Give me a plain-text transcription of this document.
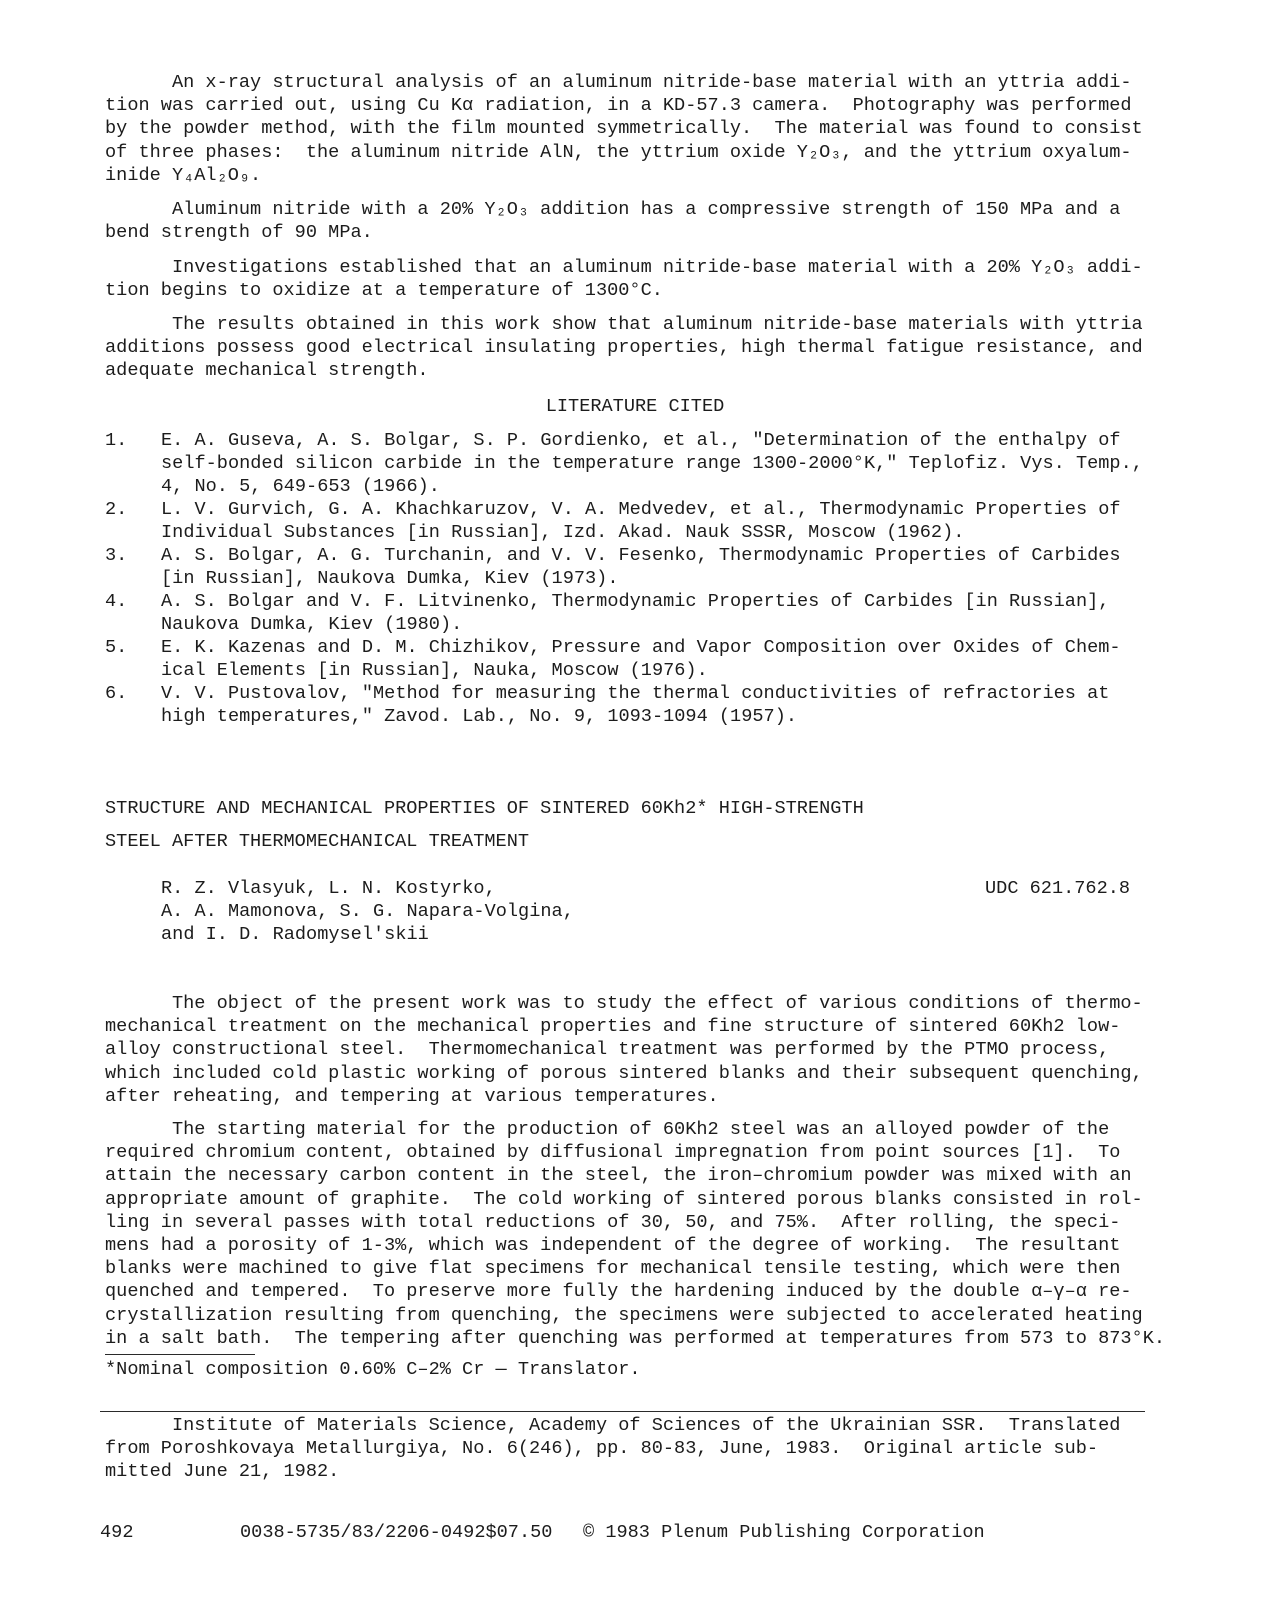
An x-ray structural analysis of an aluminum nitride-base material with an yttria addi-
tion was carried out, using Cu Kα radiation, in a KD-57.3 camera.  Photography was performed
by the powder method, with the film mounted symmetrically.  The material was found to consist
of three phases:  the aluminum nitride AlN, the yttrium oxide Y₂O₃, and the yttrium oxyalum-
inide Y₄Al₂O₉.
Aluminum nitride with a 20% Y₂O₃ addition has a compressive strength of 150 MPa and a
bend strength of 90 MPa.
Investigations established that an aluminum nitride-base material with a 20% Y₂O₃ addi-
tion begins to oxidize at a temperature of 1300°C.
The results obtained in this work show that aluminum nitride-base materials with yttria
additions possess good electrical insulating properties, high thermal fatigue resistance, and
adequate mechanical strength.
LITERATURE CITED
1. E. A. Guseva, A. S. Bolgar, S. P. Gordienko, et al., "Determination of the enthalpy of
self-bonded silicon carbide in the temperature range 1300-2000°K," Teplofiz. Vys. Temp.,
4, No. 5, 649-653 (1966).
2. L. V. Gurvich, G. A. Khachkaruzov, V. A. Medvedev, et al., Thermodynamic Properties of
Individual Substances [in Russian], Izd. Akad. Nauk SSSR, Moscow (1962).
3. A. S. Bolgar, A. G. Turchanin, and V. V. Fesenko, Thermodynamic Properties of Carbides
[in Russian], Naukova Dumka, Kiev (1973).
4. A. S. Bolgar and V. F. Litvinenko, Thermodynamic Properties of Carbides [in Russian],
Naukova Dumka, Kiev (1980).
5. E. K. Kazenas and D. M. Chizhikov, Pressure and Vapor Composition over Oxides of Chem-
ical Elements [in Russian], Nauka, Moscow (1976).
6. V. V. Pustovalov, "Method for measuring the thermal conductivities of refractories at
high temperatures," Zavod. Lab., No. 9, 1093-1094 (1957).
STRUCTURE AND MECHANICAL PROPERTIES OF SINTERED 60Kh2* HIGH-STRENGTH
STEEL AFTER THERMOMECHANICAL TREATMENT
R. Z. Vlasyuk, L. N. Kostyrko,
A. A. Mamonova, S. G. Napara-Volgina,
and I. D. Radomysel'skii
UDC 621.762.8
The object of the present work was to study the effect of various conditions of thermo-
mechanical treatment on the mechanical properties and fine structure of sintered 60Kh2 low-
alloy constructional steel.  Thermomechanical treatment was performed by the PTMO process,
which included cold plastic working of porous sintered blanks and their subsequent quenching,
after reheating, and tempering at various temperatures.
The starting material for the production of 60Kh2 steel was an alloyed powder of the
required chromium content, obtained by diffusional impregnation from point sources [1].  To
attain the necessary carbon content in the steel, the iron–chromium powder was mixed with an
appropriate amount of graphite.  The cold working of sintered porous blanks consisted in rol-
ling in several passes with total reductions of 30, 50, and 75%.  After rolling, the speci-
mens had a porosity of 1-3%, which was independent of the degree of working.  The resultant
blanks were machined to give flat specimens for mechanical tensile testing, which were then
quenched and tempered.  To preserve more fully the hardening induced by the double α–γ–α re-
crystallization resulting from quenching, the specimens were subjected to accelerated heating
in a salt bath.  The tempering after quenching was performed at temperatures from 573 to 873°K.
*Nominal composition 0.60% C–2% Cr — Translator.
Institute of Materials Science, Academy of Sciences of the Ukrainian SSR.  Translated
from Poroshkovaya Metallurgiya, No. 6(246), pp. 80-83, June, 1983.  Original article sub-
mitted June 21, 1982.
492	0038-5735/83/2206-0492$07.50 © 1983 Plenum Publishing Corporation
